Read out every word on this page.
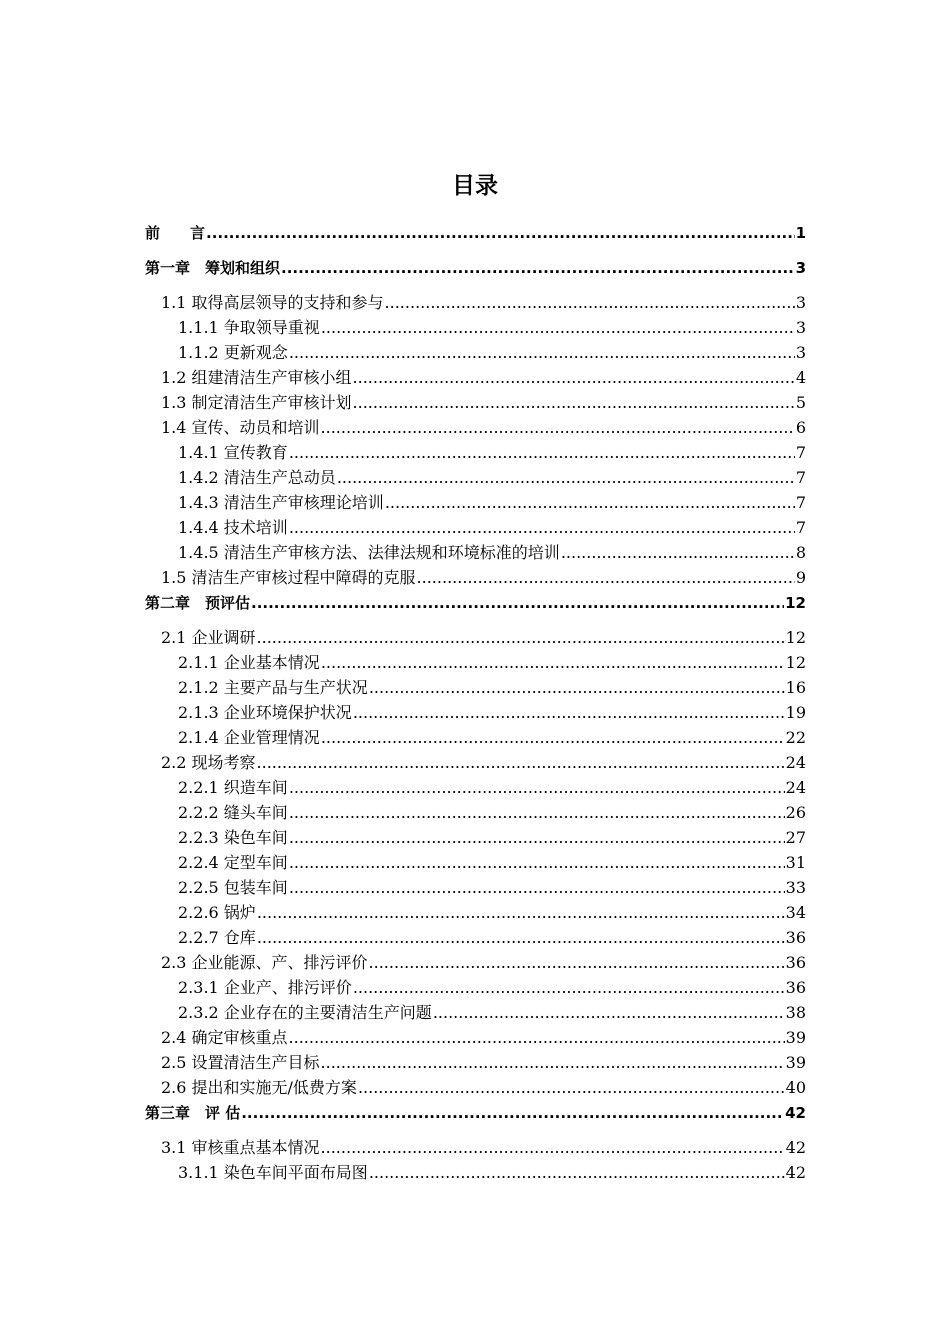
目录
前　　言 .....	1
第一章　筹划和组织 .....	3
1.1 取得高层领导的支持和参与 .....	3
1.1.1 争取领导重视 .....	3
1.1.2 更新观念 .....	3
1.2 组建清洁生产审核小组 .....	4
1.3 制定清洁生产审核计划 .....	5
1.4 宣传、动员和培训 .....	6
1.4.1 宣传教育 .....	7
1.4.2 清洁生产总动员 .....	7
1.4.3 清洁生产审核理论培训 .....	7
1.4.4 技术培训 .....	7
1.4.5 清洁生产审核方法、法律法规和环境标准的培训 .....	8
1.5 清洁生产审核过程中障碍的克服 .....	9
第二章　预评估 .....	12
2.1 企业调研 .....	12
2.1.1 企业基本情况 .....	12
2.1.2 主要产品与生产状况 .....	16
2.1.3 企业环境保护状况 .....	19
2.1.4 企业管理情况 .....	22
2.2 现场考察 .....	24
2.2.1 织造车间 .....	24
2.2.2 缝头车间 .....	26
2.2.3 染色车间 .....	27
2.2.4 定型车间 .....	31
2.2.5 包装车间 .....	33
2.2.6 锅炉 .....	34
2.2.7 仓库 .....	36
2.3 企业能源、产、排污评价 .....	36
2.3.1 企业产、排污评价 .....	36
2.3.2 企业存在的主要清洁生产问题 .....	38
2.4 确定审核重点 .....	39
2.5 设置清洁生产目标 .....	39
2.6 提出和实施无/低费方案 .....	40
第三章　评 估 .....	42
3.1 审核重点基本情况 .....	42
3.1.1 染色车间平面布局图 .....	42
